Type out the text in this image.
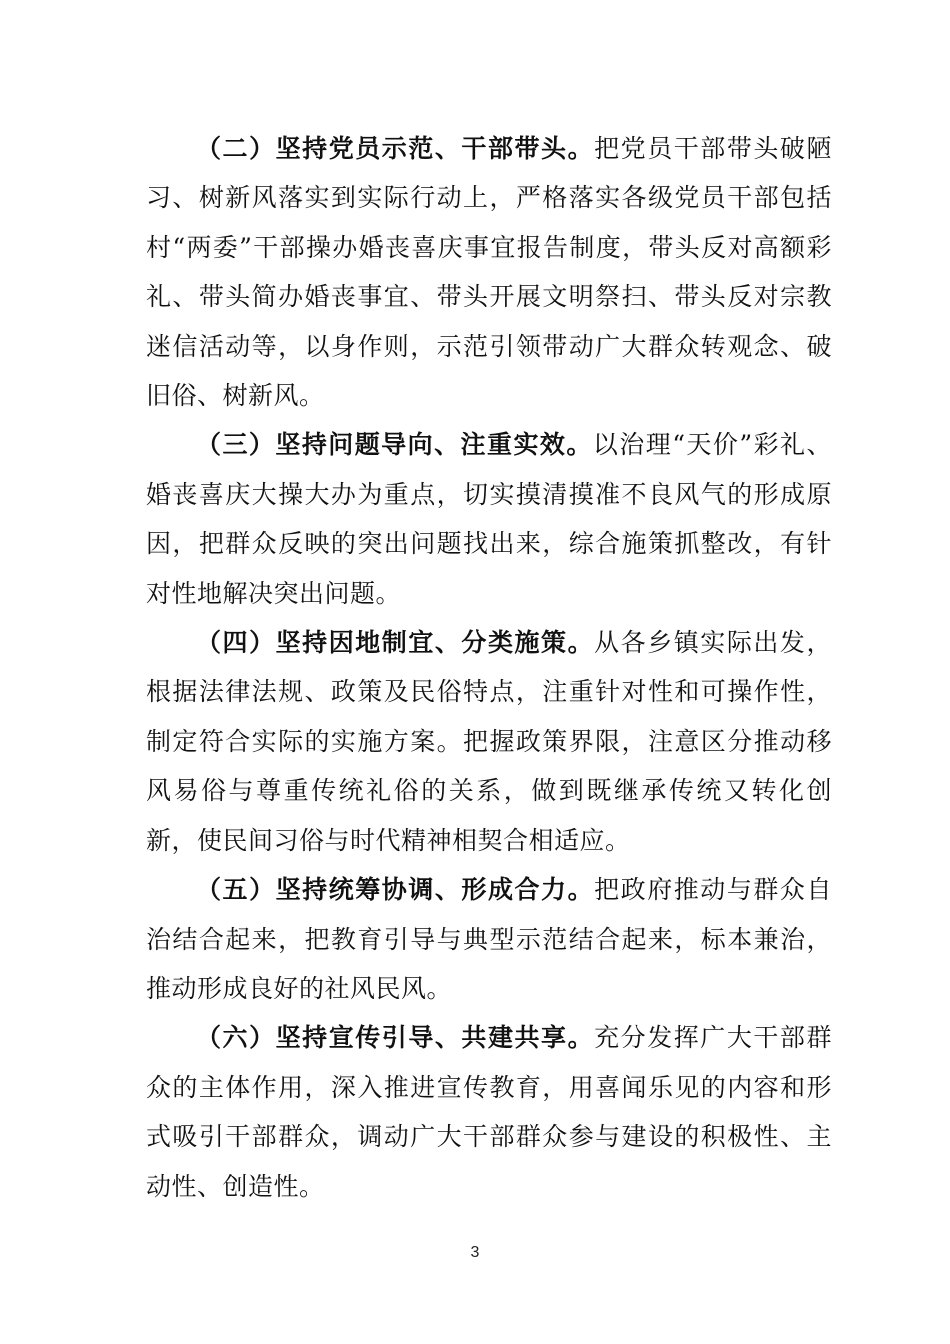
（二）坚持党员示范、干部带头。把党员干部带头破陋习、树新风落实到实际行动上，严格落实各级党员干部包括村“两委”干部操办婚丧喜庆事宜报告制度，带头反对高额彩礼、带头简办婚丧事宜、带头开展文明祭扫、带头反对宗教迷信活动等，以身作则，示范引领带动广大群众转观念、破旧俗、树新风。

（三）坚持问题导向、注重实效。以治理“天价”彩礼、婚丧喜庆大操大办为重点，切实摸清摸准不良风气的形成原因，把群众反映的突出问题找出来，综合施策抓整改，有针对性地解决突出问题。

（四）坚持因地制宜、分类施策。从各乡镇实际出发，根据法律法规、政策及民俗特点，注重针对性和可操作性，制定符合实际的实施方案。把握政策界限，注意区分推动移风易俗与尊重传统礼俗的关系，做到既继承传统又转化创新，使民间习俗与时代精神相契合相适应。

（五）坚持统筹协调、形成合力。把政府推动与群众自治结合起来，把教育引导与典型示范结合起来，标本兼治，推动形成良好的社风民风。

（六）坚持宣传引导、共建共享。充分发挥广大干部群众的主体作用，深入推进宣传教育，用喜闻乐见的内容和形式吸引干部群众，调动广大干部群众参与建设的积极性、主动性、创造性。

3
